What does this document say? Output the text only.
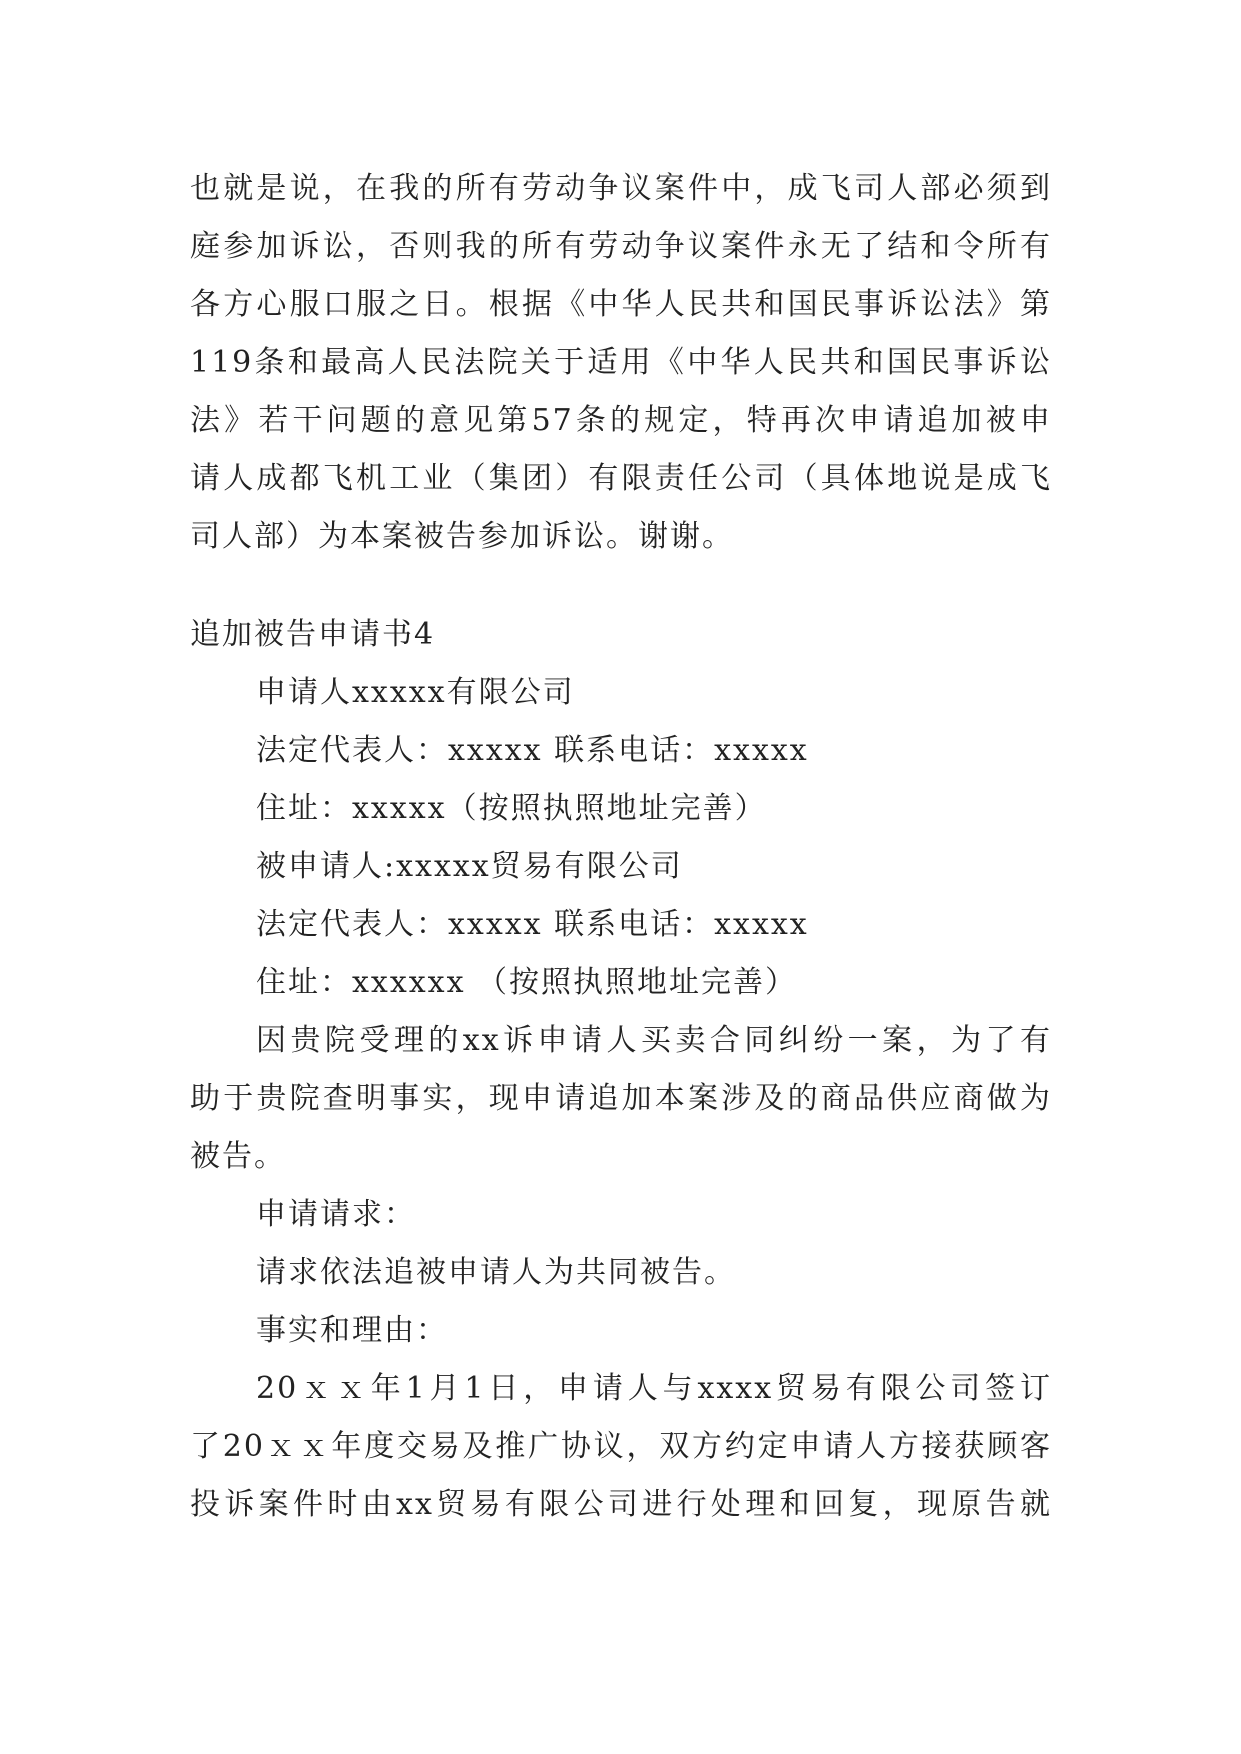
也就是说，在我的所有劳动争议案件中，成飞司人部必须到
庭参加诉讼，否则我的所有劳动争议案件永无了结和令所有
各方心服口服之日。根据《中华人民共和国民事诉讼法》第
119条和最高人民法院关于适用《中华人民共和国民事诉讼
法》若干问题的意见第57条的规定，特再次申请追加被申
请人成都飞机工业（集团）有限责任公司（具体地说是成飞
司人部）为本案被告参加诉讼。谢谢。
追加被告申请书4
申请人xxxxx有限公司
法定代表人：xxxxx 联系电话：xxxxx
住址：xxxxx（按照执照地址完善）
被申请人:xxxxx贸易有限公司
法定代表人：xxxxx 联系电话：xxxxx
住址：xxxxxx （按照执照地址完善）
因贵院受理的xx诉申请人买卖合同纠纷一案，为了有
助于贵院查明事实，现申请追加本案涉及的商品供应商做为
被告。
申请请求：
请求依法追被申请人为共同被告。
事实和理由：
20ｘｘ年1月1日，申请人与xxxx贸易有限公司签订
了20ｘｘ年度交易及推广协议，双方约定申请人方接获顾客
投诉案件时由xx贸易有限公司进行处理和回复，现原告就
